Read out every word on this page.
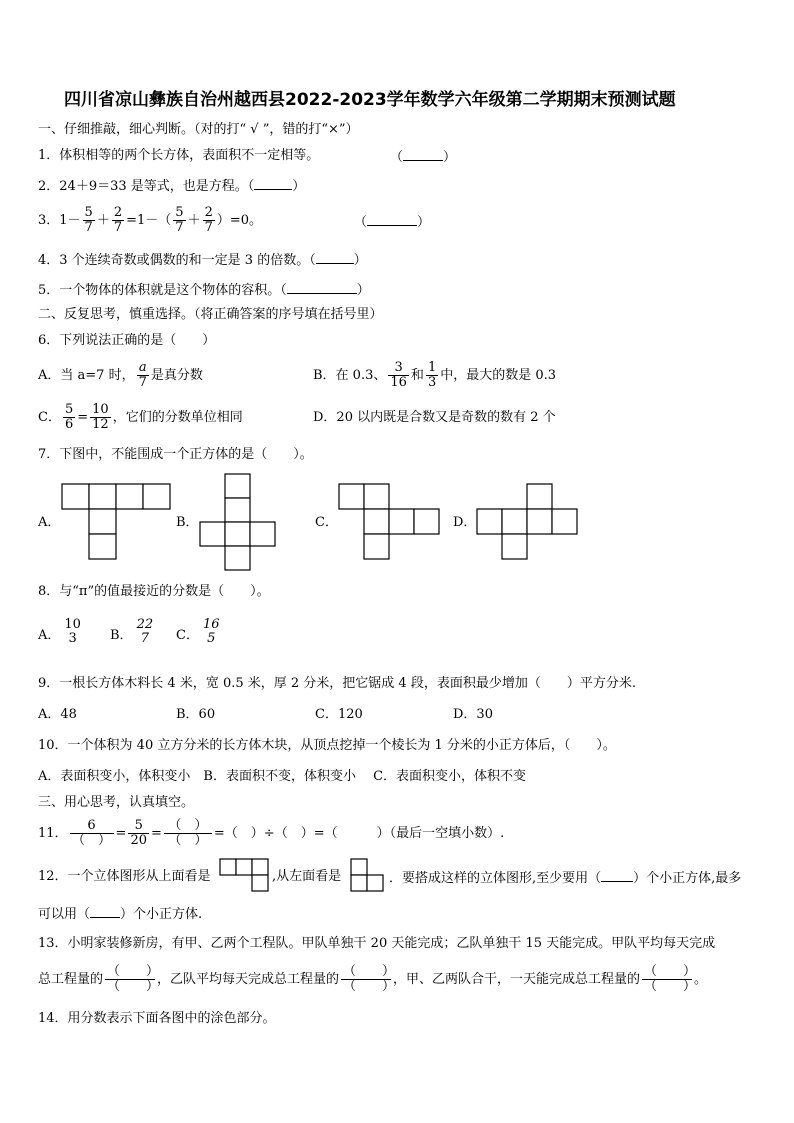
四川省凉山彝族自治州越西县2022-2023学年数学六年级第二学期期末预测试题
一、仔细推敲，细心判断。（对的打“ √ ”，错的打“×”）
1．体积相等的两个长方体，表面积不一定相等。	（	）
2．24＋9＝33 是等式，也是方程。（	）
3．$1- \frac{5}{7} + \frac{2}{7} =1-( \frac{5}{7} + \frac{2}{7} )=0$。	（	）
4．3 个连续奇数或偶数的和一定是 3 的倍数。（	）
5．一个物体的体积就是这个物体的容积。（	）
二、反复思考，慎重选择。（将正确答案的序号填在括号里）
6．下列说法正确的是（　　）
A．当 a=7 时， $\frac{a}{7}$ 是真分数	B．在 0.3、 $\frac{3}{16}$ 和 $\frac{1}{3}$ 中，最大的数是 0.3
C． $\frac{5}{6} = \frac{10}{12}$ ，它们的分数单位相同	D．20 以内既是合数又是奇数的数有 2 个
7．下图中，不能围成一个正方体的是（　　）。
A．	B．	C．	D．
8．与“π”的值最接近的分数是（　　）。
A．
10
3	B．
22
7	C．
16
5
9．一根长方体木料长 4 米，宽 0.5 米，厚 2 分米，把它锯成 4 段，表面积最少增加（　　）平方分米.
A．48	B．60	C．120	D．30
10．一个体积为 40 立方分米的长方体木块，从顶点挖掉一个棱长为 1 分米的小正方体后，（　　）。
A．表面积变小，体积变小　B．表面积不变，体积变小　 C．表面积变小，体积不变
三、用心思考，认真填空。
11． $\frac{6}{( )} = \frac{5}{20} = \frac{( )}{( )}$ =（　）÷（　）=（　　　）（最后一空填小数）.
12．一个立体图形从上面看是	,从左面看是	．要搭成这样的立体图形,至少要用（ ）个小正方体,最多
可以用（ ）个小正方体.
13．小明家装修新房，有甲、乙两个工程队。甲队单独干 20 天能完成；乙队单独干 15 天能完成。甲队平均每天完成
总工程量的 $\frac{( )}{( )}$ ，乙队平均每天完成总工程量的 $\frac{( )}{( )}$ ，甲、乙两队合干，一天能完成总工程量的 $\frac{( )}{( )}$ 。
14．用分数表示下面各图中的涂色部分。
